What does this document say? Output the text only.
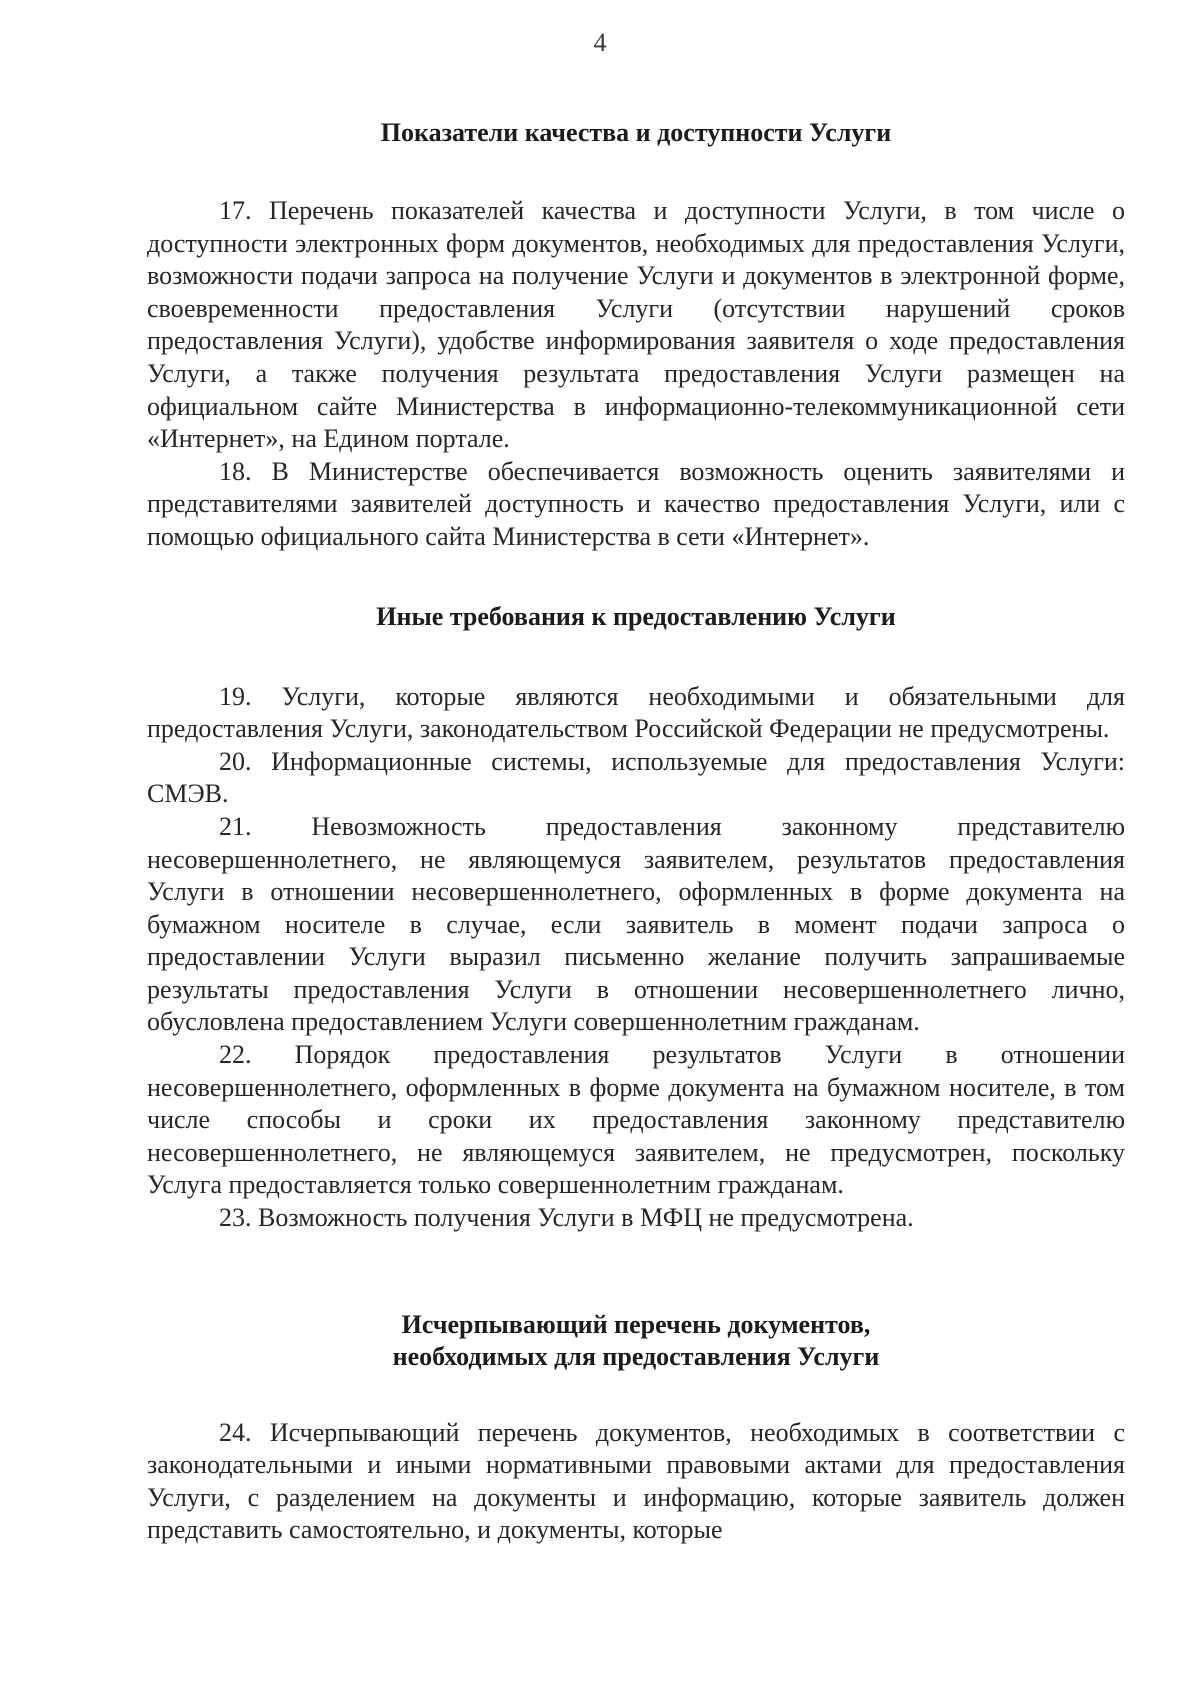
4

Показатели качества и доступности Услуги

17. Перечень показателей качества и доступности Услуги, в том числе о доступности электронных форм документов, необходимых для предоставления Услуги, возможности подачи запроса на получение Услуги и документов в электронной форме, своевременности предоставления Услуги (отсутствии нарушений сроков предоставления Услуги), удобстве информирования заявителя о ходе предоставления Услуги, а также получения результата предоставления Услуги размещен на официальном сайте Министерства в информационно-телекоммуникационной сети «Интернет», на Едином портале.

18. В Министерстве обеспечивается возможность оценить заявителями и представителями заявителей доступность и качество предоставления Услуги, или с помощью официального сайта Министерства в сети «Интернет».

Иные требования к предоставлению Услуги

19. Услуги, которые являются необходимыми и обязательными для предоставления Услуги, законодательством Российской Федерации не предусмотрены.

20. Информационные системы, используемые для предоставления Услуги: СМЭВ.

21. Невозможность предоставления законному представителю несовершеннолетнего, не являющемуся заявителем, результатов предоставления Услуги в отношении несовершеннолетнего, оформленных в форме документа на бумажном носителе в случае, если заявитель в момент подачи запроса о предоставлении Услуги выразил письменно желание получить запрашиваемые результаты предоставления Услуги в отношении несовершеннолетнего лично, обусловлена предоставлением Услуги совершеннолетним гражданам.

22. Порядок предоставления результатов Услуги в отношении несовершеннолетнего, оформленных в форме документа на бумажном носителе, в том числе способы и сроки их предоставления законному представителю несовершеннолетнего, не являющемуся заявителем, не предусмотрен, поскольку Услуга предоставляется только совершеннолетним гражданам.

23. Возможность получения Услуги в МФЦ не предусмотрена.

Исчерпывающий перечень документов,
необходимых для предоставления Услуги

24. Исчерпывающий перечень документов, необходимых в соответствии с законодательными и иными нормативными правовыми актами для предоставления Услуги, с разделением на документы и информацию, которые заявитель должен представить самостоятельно, и документы, которые
